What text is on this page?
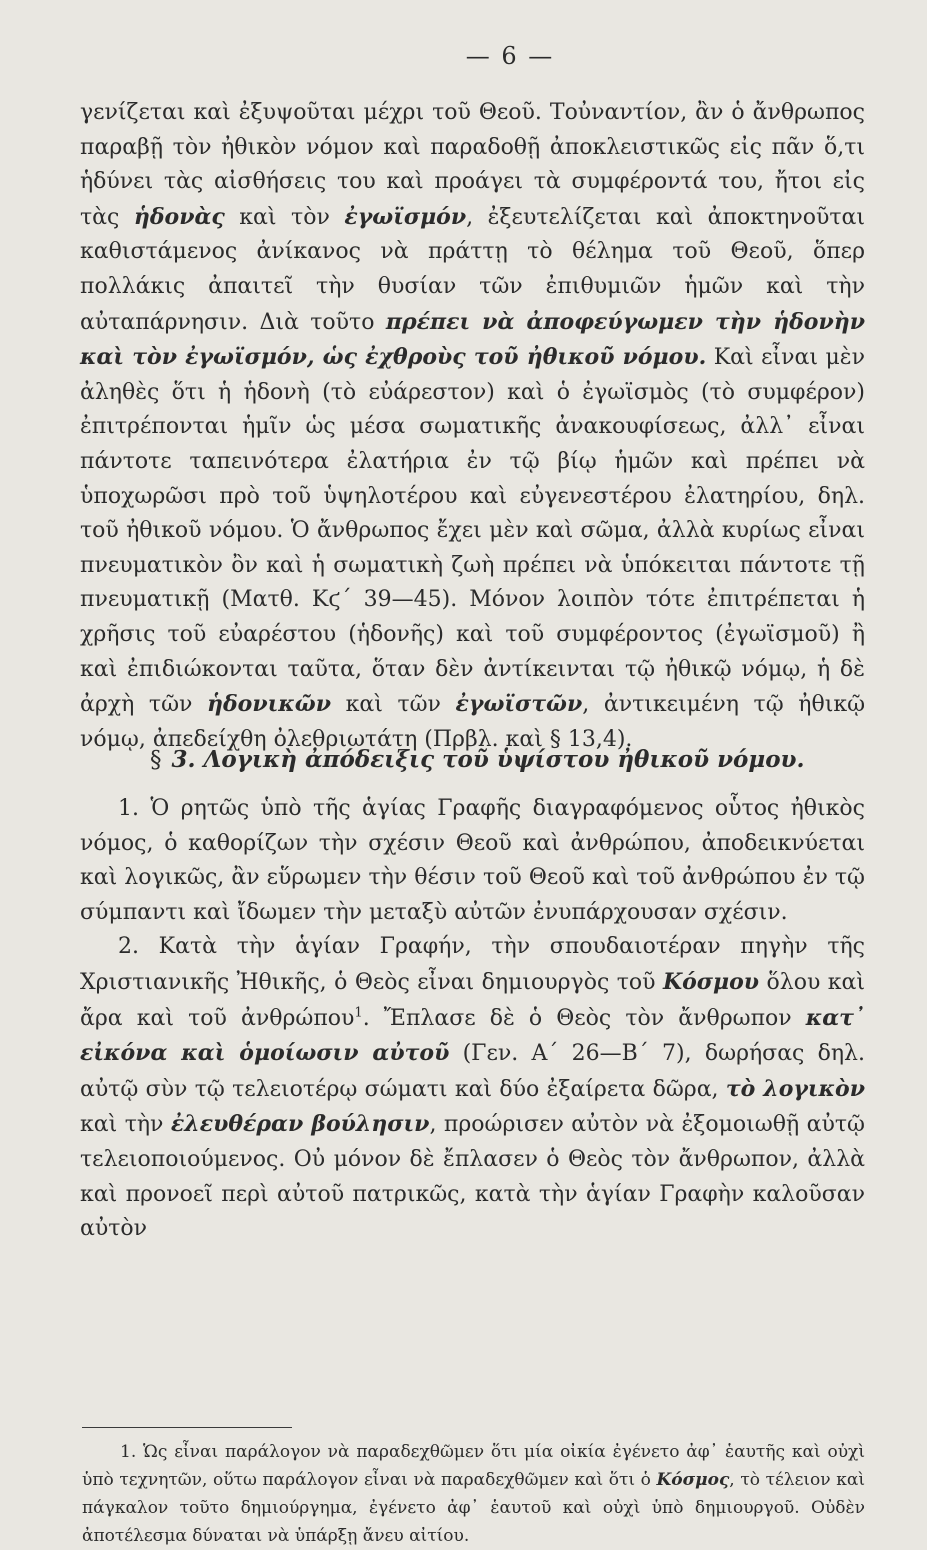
— 6 —

γενίζεται καὶ ἐξυψοῦται μέχρι τοῦ Θεοῦ. Τοὐναντίον, ἂν ὁ ἄνθρωπος παραβῇ τὸν ἠθικὸν νόμον καὶ παραδοθῇ ἀποκλειστικῶς εἰς πᾶν ὅ,τι ἡδύνει τὰς αἰσθήσεις του καὶ προάγει τὰ συμφέροντά του, ἤτοι εἰς τὰς ἡδονὰς καὶ τὸν ἐγωϊσμόν, ἐξευτελίζεται καὶ ἀποκτηνοῦται καθιστάμενος ἀνίκανος νὰ πράττῃ τὸ θέλημα τοῦ Θεοῦ, ὅπερ πολλάκις ἀπαιτεῖ τὴν θυσίαν τῶν ἐπιθυμιῶν ἡμῶν καὶ τὴν αὐταπάρνησιν. Διὰ τοῦτο πρέπει νὰ ἀποφεύγωμεν τὴν ἡδονὴν καὶ τὸν ἐγωϊσμόν, ὡς ἐχθροὺς τοῦ ἠθικοῦ νόμου. Καὶ εἶναι μὲν ἀληθὲς ὅτι ἡ ἡδονὴ (τὸ εὐάρεστον) καὶ ὁ ἐγωϊσμὸς (τὸ συμφέρον) ἐπιτρέπονται ἡμῖν ὡς μέσα σωματικῆς ἀνακουφίσεως, ἀλλ᾽ εἶναι πάντοτε ταπεινότερα ἐλατήρια ἐν τῷ βίῳ ἡμῶν καὶ πρέπει νὰ ὑποχωρῶσι πρὸ τοῦ ὑψηλοτέρου καὶ εὐγενεστέρου ἐλατηρίου, δηλ. τοῦ ἠθικοῦ νόμου. Ὁ ἄνθρωπος ἔχει μὲν καὶ σῶμα, ἀλλὰ κυρίως εἶναι πνευματικὸν ὂν καὶ ἡ σωματικὴ ζωὴ πρέπει νὰ ὑπόκειται πάντοτε τῇ πνευματικῇ (Ματθ. Κϛ´ 39—45). Μόνον λοιπὸν τότε ἐπιτρέπεται ἡ χρῆσις τοῦ εὐαρέστου (ἡδονῆς) καὶ τοῦ συμφέροντος (ἐγωϊσμοῦ) ἢ καὶ ἐπιδιώκονται ταῦτα, ὅταν δὲν ἀντίκεινται τῷ ἠθικῷ νόμῳ, ἡ δὲ ἀρχὴ τῶν ἡδονικῶν καὶ τῶν ἐγωϊστῶν, ἀντικειμένη τῷ ἠθικῷ νόμῳ, ἀπεδείχθη ὀλεθριωτάτη (Πρβλ. καὶ § 13,4).

§ 3. Λογικὴ ἀπόδειξις τοῦ ὑψίστου ἠθικοῦ νόμου.

1. Ὁ ρητῶς ὑπὸ τῆς ἁγίας Γραφῆς διαγραφόμενος οὗτος ἠθικὸς νόμος, ὁ καθορίζων τὴν σχέσιν Θεοῦ καὶ ἀνθρώπου, ἀποδεικνύεται καὶ λογικῶς, ἂν εὕρωμεν τὴν θέσιν τοῦ Θεοῦ καὶ τοῦ ἀνθρώπου ἐν τῷ σύμπαντι καὶ ἴδωμεν τὴν μεταξὺ αὐτῶν ἐνυπάρχουσαν σχέσιν.

2. Κατὰ τὴν ἁγίαν Γραφήν, τὴν σπουδαιοτέραν πηγὴν τῆς Χριστιανικῆς Ἠθικῆς, ὁ Θεὸς εἶναι δημιουργὸς τοῦ Κόσμου ὅλου καὶ ἄρα καὶ τοῦ ἀνθρώπου$^1$. Ἔπλασε δὲ ὁ Θεὸς τὸν ἄνθρωπον κατ᾽ εἰκόνα καὶ ὁμοίωσιν αὐτοῦ (Γεν. Α´ 26—Β´ 7), δωρήσας δηλ. αὐτῷ σὺν τῷ τελειοτέρῳ σώματι καὶ δύο ἐξαίρετα δῶρα, τὸ λογικὸν καὶ τὴν ἐλευθέραν βούλησιν, προώρισεν αὐτὸν νὰ ἐξομοιωθῇ αὐτῷ τελειοποιούμενος. Οὐ μόνον δὲ ἔπλασεν ὁ Θεὸς τὸν ἄνθρωπον, ἀλλὰ καὶ προνοεῖ περὶ αὐτοῦ πατρικῶς, κατὰ τὴν ἁγίαν Γραφὴν καλοῦσαν αὐτὸν

1. Ὡς εἶναι παράλογον νὰ παραδεχθῶμεν ὅτι μία οἰκία ἐγένετο ἀφ᾽ ἑαυτῆς καὶ οὐχὶ ὑπὸ τεχνητῶν, οὕτω παράλογον εἶναι νὰ παραδεχθῶμεν καὶ ὅτι ὁ Κόσμος, τὸ τέλειον καὶ πάγκαλον τοῦτο δημιούργημα, ἐγένετο ἀφ᾽ ἑαυτοῦ καὶ οὐχὶ ὑπὸ δημιουργοῦ. Οὐδὲν ἀποτέλεσμα δύναται νὰ ὑπάρξῃ ἄνευ αἰτίου.
